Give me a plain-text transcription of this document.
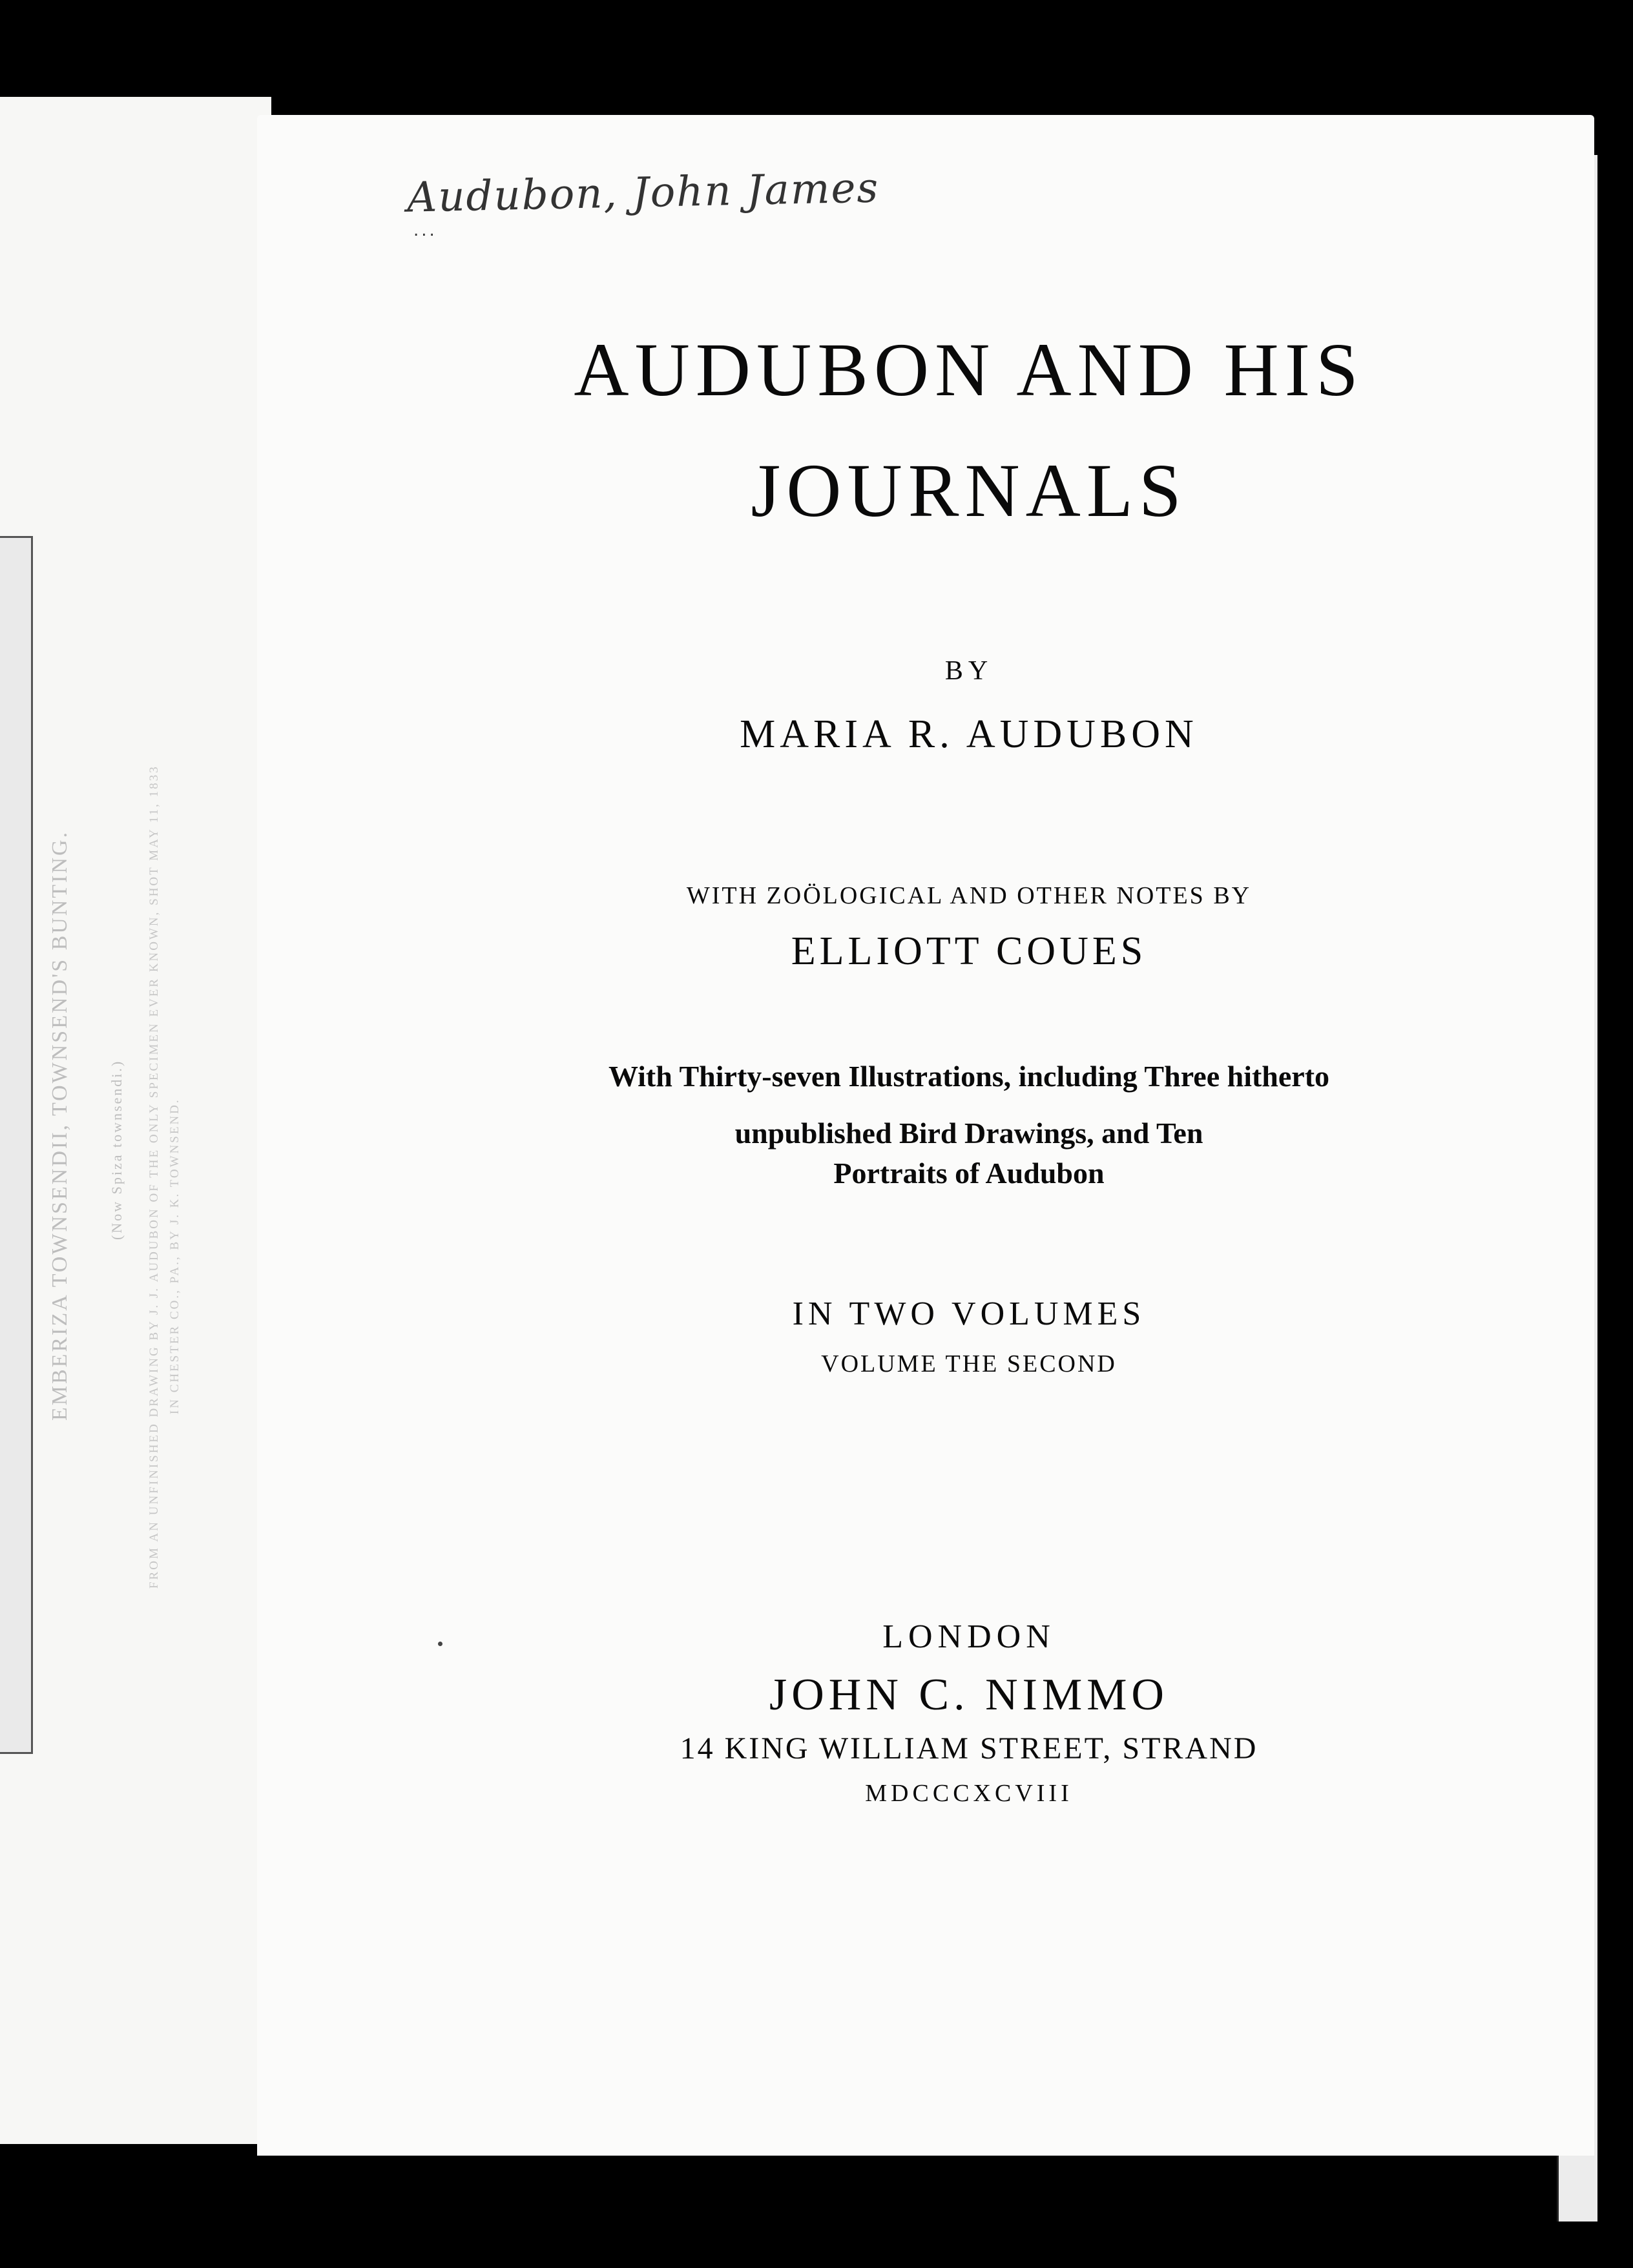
EMBERIZA TOWNSENDII, TOWNSEND'S BUNTING.	(Now Spiza townsendi.) FROM AN UNFINISHED DRAWING BY J. J. AUDUBON OF THE ONLY SPECIMEN EVER KNOWN, SHOT MAY 11, 1833 IN CHESTER CO., PA., BY J. K. TOWNSEND.
Audubon, John James
...
AUDUBON AND HIS
JOURNALS
BY
MARIA R. AUDUBON
WITH ZOÖLOGICAL AND OTHER NOTES BY
ELLIOTT COUES
With Thirty-seven Illustrations, including Three hitherto
unpublished Bird Drawings, and Ten
Portraits of Audubon
IN TWO VOLUMES
VOLUME THE SECOND
LONDON
JOHN C. NIMMO
14 KING WILLIAM STREET, STRAND
MDCCCXCVIII
